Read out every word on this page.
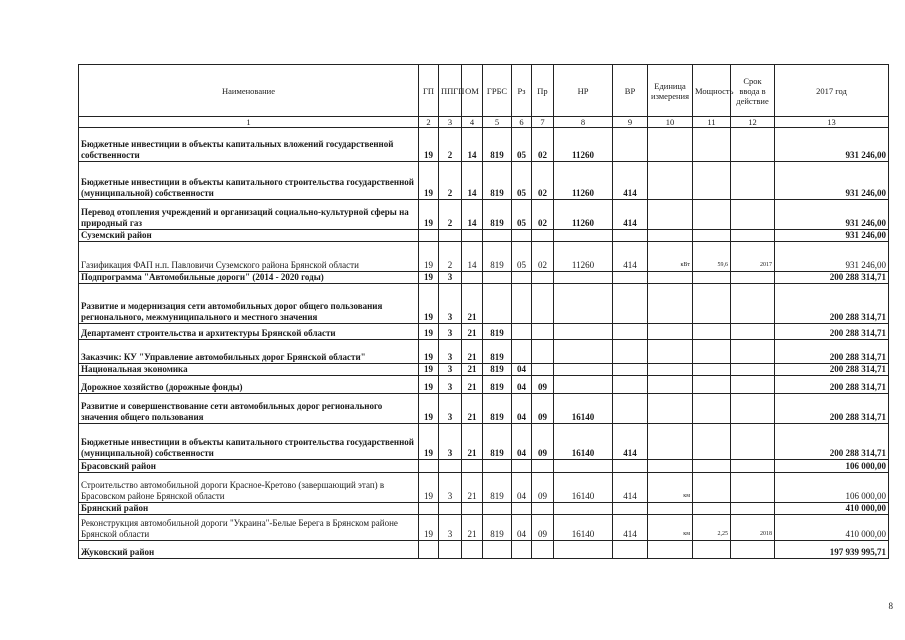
Наименование	ГП	ППГП	ОМ	ГРБС	Рз	Пр	НР	ВР	Единица измерения	Мощность	Срок ввода в действие	2017 год
1	2	3	4	5	6	7	8	9	10	11	12	13
Бюджетные инвестиции в объекты капитальных вложений государственной собственности	19	2	14	819	05	02	11260					931 246,00
Бюджетные инвестиции в объекты капитального строительства государственной (муниципальной) собственности	19	2	14	819	05	02	11260	414				931 246,00
Перевод отопления учреждений и организаций социально-культурной сферы на природный газ	19	2	14	819	05	02	11260	414				931 246,00
Суземский район												931 246,00
Газификация ФАП н.п. Павловичи Суземского района Брянской области	19	2	14	819	05	02	11260	414	кВт	59,6	2017	931 246,00
Подпрограмма "Автомобильные дороги" (2014 - 2020 годы)	19	3										200 288 314,71
Развитие и модернизация сети автомобильных дорог общего пользования регионального, межмуниципального и местного значения	19	3	21									200 288 314,71
Департамент строительства и архитектуры Брянской области	19	3	21	819								200 288 314,71
Заказчик: КУ "Управление автомобильных дорог Брянской области"	19	3	21	819								200 288 314,71
Национальная экономика	19	3	21	819	04							200 288 314,71
Дорожное хозяйство (дорожные фонды)	19	3	21	819	04	09						200 288 314,71
Развитие и совершенствование сети автомобильных дорог регионального значения общего пользования	19	3	21	819	04	09	16140					200 288 314,71
Бюджетные инвестиции в объекты капитального строительства государственной (муниципальной) собственности	19	3	21	819	04	09	16140	414				200 288 314,71
Брасовский район												106 000,00
Строительство автомобильной дороги Красное-Кретово (завершающий этап) в Брасовском районе Брянской области	19	3	21	819	04	09	16140	414	км			106 000,00
Брянский район												410 000,00
Реконструкция автомобильной дороги "Украина"-Белые Берега в Брянском районе Брянской области	19	3	21	819	04	09	16140	414	км	2,25	2018	410 000,00
Жуковский район												197 939 995,71
8
